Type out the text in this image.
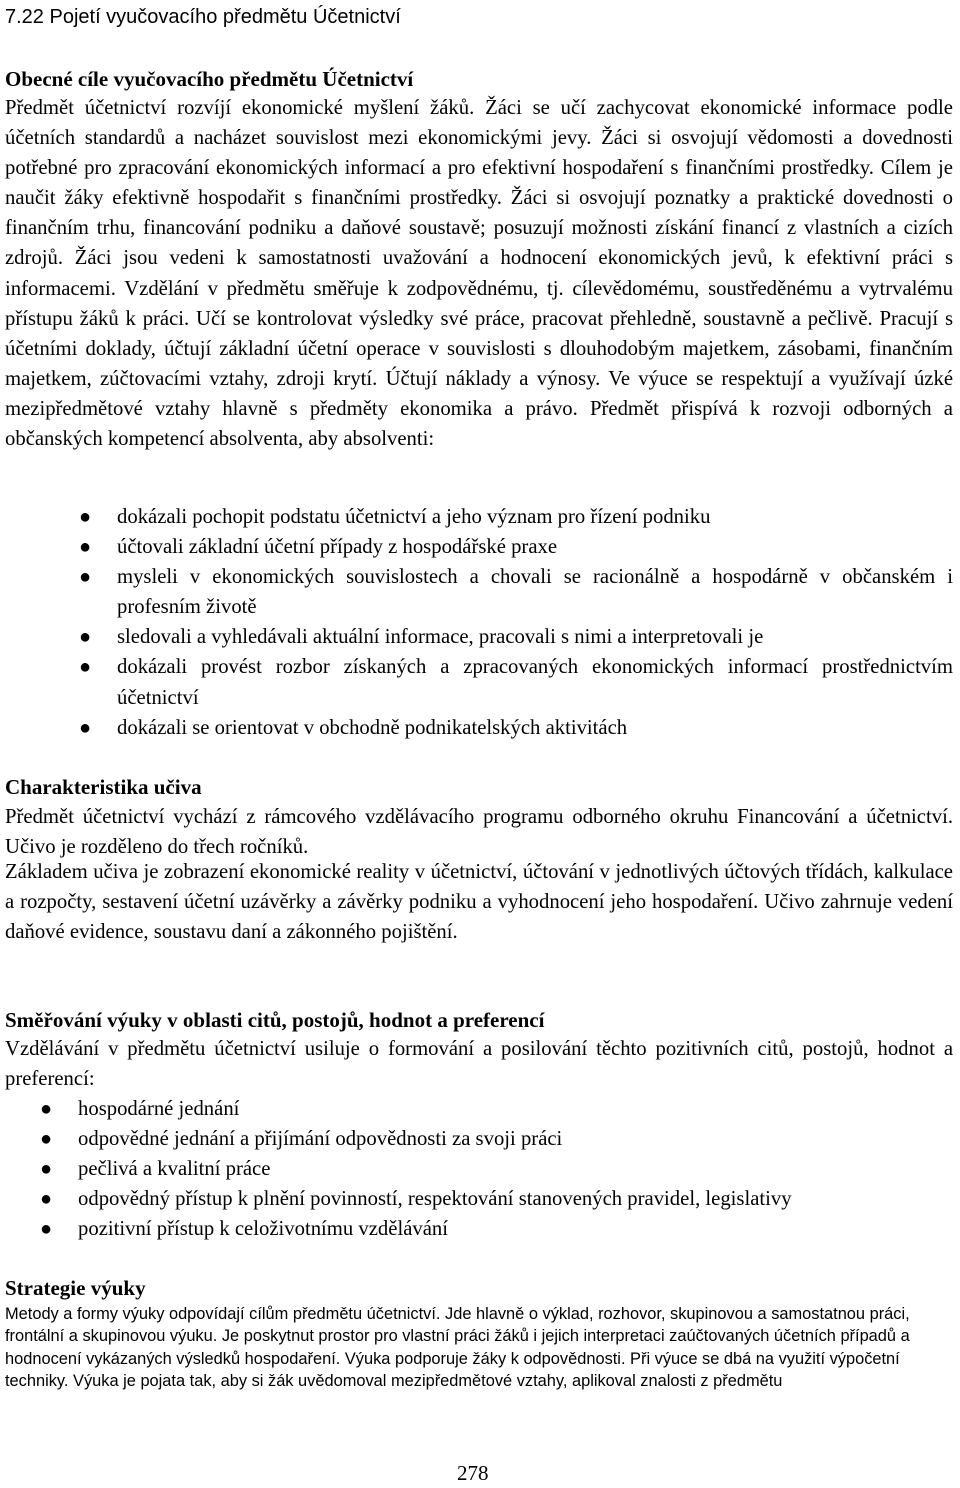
7.22 Pojetí vyučovacího předmětu Účetnictví
Obecné cíle vyučovacího předmětu Účetnictví

Předmět účetnictví rozvíjí ekonomické myšlení žáků. Žáci se učí zachycovat ekonomické informace podle účetních standardů a nacházet souvislost mezi ekonomickými jevy. Žáci si osvojují vědomosti a dovednosti potřebné pro zpracování ekonomických informací a pro efektivní hospodaření s finančními prostředky. Cílem je naučit žáky efektivně hospodařit s finančními prostředky. Žáci si osvojují poznatky a praktické dovednosti o finančním trhu, financování podniku a daňové soustavě; posuzují možnosti získání financí z vlastních a cizích zdrojů. Žáci jsou vedeni k samostatnosti uvažování a hodnocení ekonomických jevů, k efektivní práci s informacemi. Vzdělání v předmětu směřuje k zodpovědnému, tj. cílevědomému, soustředěnému a vytrvalému přístupu žáků k práci. Učí se kontrolovat výsledky své práce, pracovat přehledně, soustavně a pečlivě. Pracují s účetními doklady, účtují základní účetní operace v souvislosti s dlouhodobým majetkem, zásobami, finančním majetkem, zúčtovacími vztahy, zdroji krytí. Účtují náklady a výnosy. Ve výuce se respektují a využívají úzké mezipředmětové vztahy hlavně s předměty ekonomika a právo. Předmět přispívá k rozvoji odborných a občanských kompetencí absolventa, aby absolventi:

● dokázali pochopit podstatu účetnictví a jeho význam pro řízení podniku
● účtovali základní účetní případy z hospodářské praxe
● mysleli v ekonomických souvislostech a chovali se racionálně a hospodárně v občanském i profesním životě
● sledovali a vyhledávali aktuální informace, pracovali s nimi a interpretovali je
● dokázali provést rozbor získaných a zpracovaných ekonomických informací prostřednictvím účetnictví
● dokázali se orientovat v obchodně podnikatelských aktivitách
Charakteristika učiva

Předmět účetnictví vychází z rámcového vzdělávacího programu odborného okruhu Financování a účetnictví. Učivo je rozděleno do třech ročníků.

Základem učiva je zobrazení ekonomické reality v účetnictví, účtování v jednotlivých účtových třídách, kalkulace a rozpočty, sestavení účetní uzávěrky a závěrky podniku a vyhodnocení jeho hospodaření. Učivo zahrnuje vedení daňové evidence, soustavu daní a zákonného pojištění.

Směřování výuky v oblasti citů, postojů, hodnot a preferencí

Vzdělávání v předmětu účetnictví usiluje o formování a posilování těchto pozitivních citů, postojů, hodnot a preferencí:

● hospodárné jednání
● odpovědné jednání a přijímání odpovědnosti za svoji práci
● pečlivá a kvalitní práce
● odpovědný přístup k plnění povinností, respektování stanovených pravidel, legislativy
● pozitivní přístup k celoživotnímu vzdělávání
Strategie výuky

Metody a formy výuky odpovídají cílům předmětu účetnictví. Jde hlavně o výklad, rozhovor, skupinovou a samostatnou práci, frontální a skupinovou výuku. Je poskytnut prostor pro vlastní práci žáků i jejich interpretaci zaúčtovaných účetních případů a hodnocení vykázaných výsledků hospodaření. Výuka podporuje žáky k odpovědnosti. Při výuce se dbá na využití výpočetní techniky. Výuka je pojata tak, aby si žák uvědomoval mezipředmětové vztahy, aplikoval znalosti z předmětu

278
